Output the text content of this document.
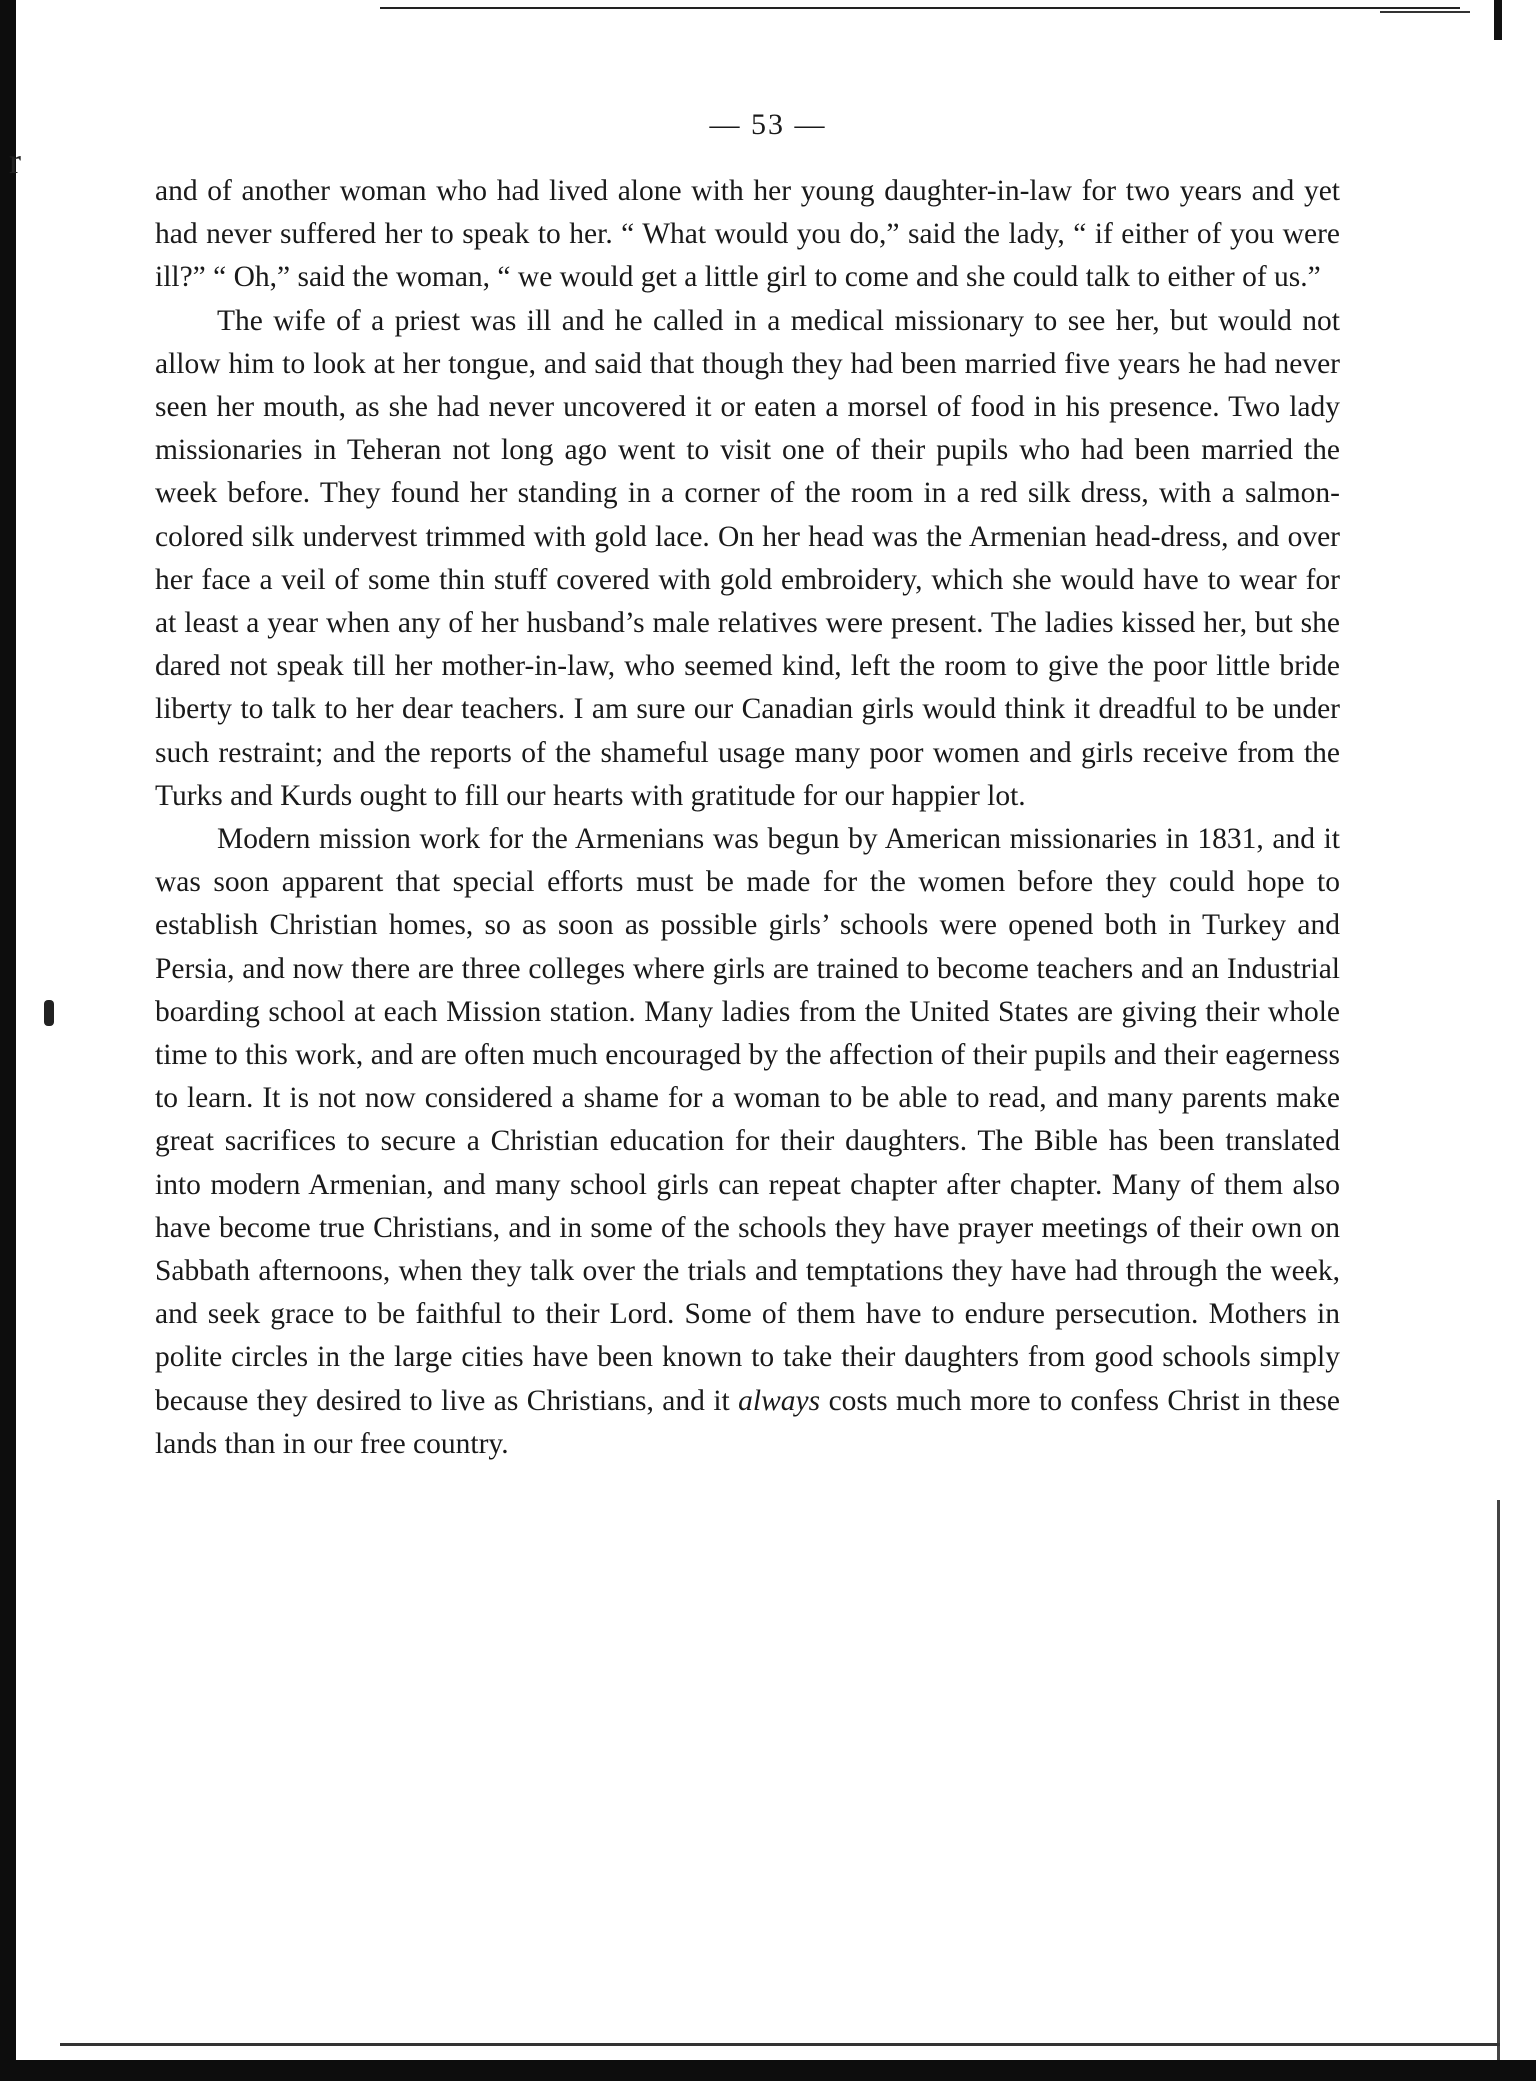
r
— 53 —

and of another woman who had lived alone with her young daughter-in-law for two years and yet had never suffered her to speak to her. “ What would you do,” said the lady, “ if either of you were ill?” “ Oh,” said the woman, “ we would get a little girl to come and she could talk to either of us.”

The wife of a priest was ill and he called in a medical missionary to see her, but would not allow him to look at her tongue, and said that though they had been married five years he had never seen her mouth, as she had never uncovered it or eaten a morsel of food in his presence. Two lady missionaries in Teheran not long ago went to visit one of their pupils who had been married the week before. They found her standing in a corner of the room in a red silk dress, with a salmon-colored silk undervest trimmed with gold lace. On her head was the Armenian head-dress, and over her face a veil of some thin stuff covered with gold embroidery, which she would have to wear for at least a year when any of her husband’s male relatives were present. The ladies kissed her, but she dared not speak till her mother-in-law, who seemed kind, left the room to give the poor little bride liberty to talk to her dear teachers. I am sure our Canadian girls would think it dreadful to be under such restraint; and the reports of the shameful usage many poor women and girls receive from the Turks and Kurds ought to fill our hearts with gratitude for our happier lot.

Modern mission work for the Armenians was begun by American missionaries in 1831, and it was soon apparent that special efforts must be made for the women before they could hope to establish Christian homes, so as soon as possible girls’ schools were opened both in Turkey and Persia, and now there are three colleges where girls are trained to become teachers and an Industrial boarding school at each Mission station. Many ladies from the United States are giving their whole time to this work, and are often much encouraged by the affection of their pupils and their eagerness to learn. It is not now considered a shame for a woman to be able to read, and many parents make great sacrifices to secure a Christian education for their daughters. The Bible has been translated into modern Armenian, and many school girls can repeat chapter after chapter. Many of them also have become true Christians, and in some of the schools they have prayer meetings of their own on Sabbath afternoons, when they talk over the trials and temptations they have had through the week, and seek grace to be faithful to their Lord. Some of them have to endure persecution. Mothers in polite circles in the large cities have been known to take their daughters from good schools simply because they desired to live as Christians, and it always costs much more to confess Christ in these lands than in our free country.
